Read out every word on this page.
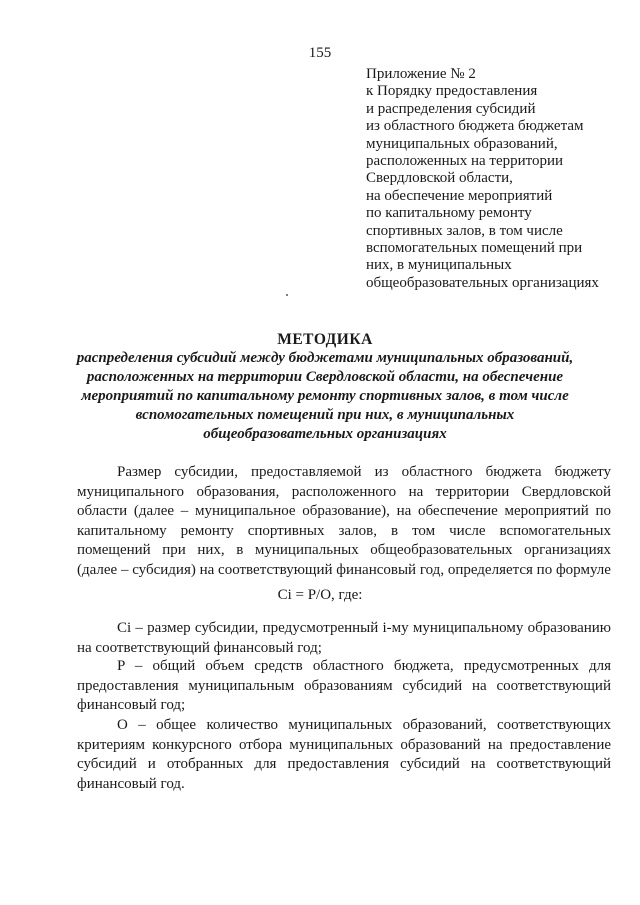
155
Приложение № 2
к Порядку предоставления
и распределения субсидий
из областного бюджета бюджетам
муниципальных образований,
расположенных на территории
Свердловской области,
на обеспечение мероприятий
по капитальному ремонту
спортивных залов, в том числе
вспомогательных помещений при
них, в муниципальных
общеобразовательных организациях
МЕТОДИКА
распределения субсидий между бюджетами муниципальных образований,
расположенных на территории Свердловской области, на обеспечение
мероприятий по капитальному ремонту спортивных залов, в том числе
вспомогательных помещений при них, в муниципальных
общеобразовательных организациях
Размер субсидии, предоставляемой из областного бюджета бюджету
муниципального образования, расположенного на территории Свердловской
области (далее – муниципальное образование), на обеспечение мероприятий по
капитальному ремонту спортивных залов, в том числе вспомогательных
помещений при них, в муниципальных общеобразовательных организациях
(далее – субсидия) на соответствующий финансовый год, определяется по формуле
Ci = P/O, где:
Ci – размер субсидии, предусмотренный i-му муниципальному образованию
на соответствующий финансовый год;
P – общий объем средств областного бюджета, предусмотренных для
предоставления муниципальным образованиям субсидий на соответствующий
финансовый год;
O – общее количество муниципальных образований, соответствующих
критериям конкурсного отбора муниципальных образований на предоставление
субсидий и отобранных для предоставления субсидий на соответствующий
финансовый год.
